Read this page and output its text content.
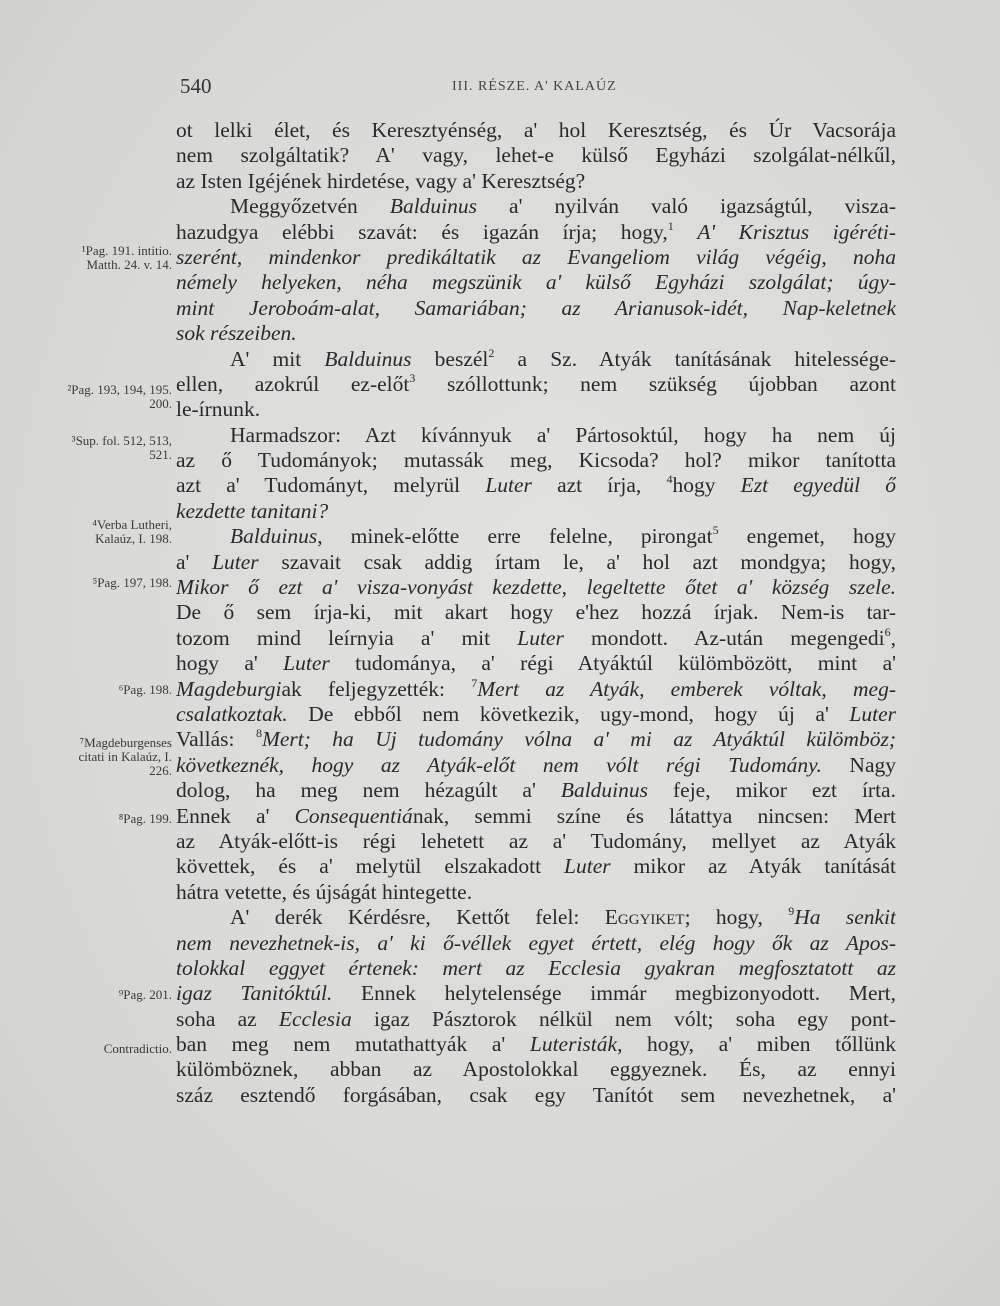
540	III. RÉSZE. A' KALAÚZ
¹Pag. 191. intitio. Matth. 24. v. 14.
²Pag. 193, 194, 195. 200.
³Sup. fol. 512, 513, 521.
⁴Verba Lutheri, Kalaúz, I. 198.
⁵Pag. 197, 198.
⁶Pag. 198.
⁷Magdeburgenses citati in Kalaúz, I. 226.
⁸Pag. 199.
⁹Pag. 201.
Contradictio.
ot lelki élet, és Keresztyénség, a' hol Keresztség, és Úr Vacsorája
nem szolgáltatik? A' vagy, lehet-e külső Egyházi szolgálat-nélkűl,
az Isten Igéjének hirdetése, vagy a' Keresztség?
Meggyőzetvén Balduinus a' nyilván való igazságtúl, visza-
hazudgya elébbi szavát: és igazán írja; hogy,$^1$ A' Krisztus igéréti-
szerént, mindenkor predikáltatik az Evangeliom világ végéig, noha
némely helyeken, néha megszünik a' külső Egyházi szolgálat; úgy-
mint Jeroboám-alat, Samariában; az Arianusok-idét, Nap-keletnek
sok részeiben.
A' mit Balduinus beszél$^2$ a Sz. Atyák tanításának hitelessége-
ellen, azokrúl ez-előt$^3$ szóllottunk; nem szükség újobban azont
le-írnunk.
Harmadszor: Azt kívánnyuk a' Pártosoktúl, hogy ha nem új
az ő Tudományok; mutassák meg, Kicsoda? hol? mikor tanította
azt a' Tudományt, melyrül Luter azt írja, $^4$hogy Ezt egyedül ő
kezdette tanitani?
Balduinus, minek-előtte erre felelne, pirongat$^5$ engemet, hogy
a' Luter szavait csak addig írtam le, a' hol azt mondgya; hogy,
Mikor ő ezt a' visza-vonyást kezdette, legeltette őtet a' község szele.
De ő sem írja-ki, mit akart hogy e'hez hozzá írjak. Nem-is tar-
tozom mind leírnyia a' mit Luter mondott. Az-után megengedi$^6$,
hogy a' Luter tudománya, a' régi Atyáktúl külömbözött, mint a'
Magdeburgiak feljegyzették: $^7$Mert az Atyák, emberek vóltak, meg-
csalatkoztak. De ebből nem következik, ugy-mond, hogy új a' Luter
Vallás: $^8$Mert; ha Uj tudomány vólna a' mi az Atyáktúl külömböz;
következnék, hogy az Atyák-előt nem vólt régi Tudomány. Nagy
dolog, ha meg nem hézagúlt a' Balduinus feje, mikor ezt írta.
Ennek a' Consequentiának, semmi színe és látattya nincsen: Mert
az Atyák-előtt-is régi lehetett az a' Tudomány, mellyet az Atyák
követtek, és a' melytül elszakadott Luter mikor az Atyák tanítását
hátra vetette, és újságát hintegette.
A' derék Kérdésre, Kettőt felel: Eggyiket; hogy, $^9$Ha senkit
nem nevezhetnek-is, a' ki ő-véllek egyet értett, elég hogy ők az Apos-
tolokkal eggyet értenek: mert az Ecclesia gyakran megfosztatott az
igaz Tanitóktúl. Ennek helytelensége immár megbizonyodott. Mert,
soha az Ecclesia igaz Pásztorok nélkül nem vólt; soha egy pont-
ban meg nem mutathattyák a' Luteristák, hogy, a' miben tőllünk
külömböznek, abban az Apostolokkal eggyeznek. És, az ennyi
száz esztendő forgásában, csak egy Tanítót sem nevezhetnek, a'
